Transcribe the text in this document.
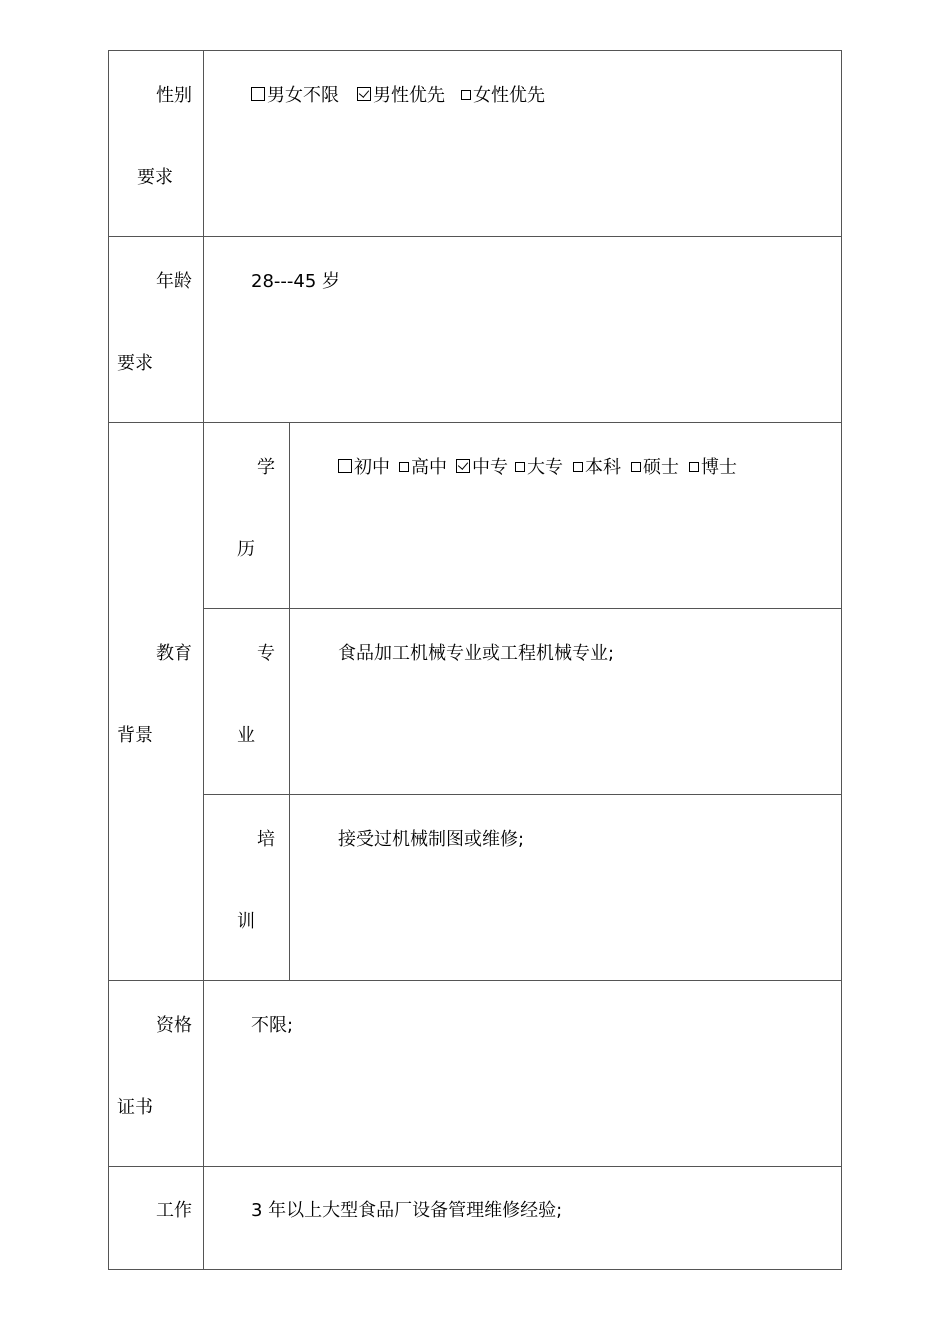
性别
要求
男女不限 男性优先 女性优先
年龄
要求
28---45 岁
教育
背景
学
历
初中 高中 中专 大专 本科 硕士 博士
专
业
食品加工机械专业或工程机械专业;
培
训
接受过机械制图或维修;
资格
证书
不限;
工作	3 年以上大型食品厂设备管理维修经验;
